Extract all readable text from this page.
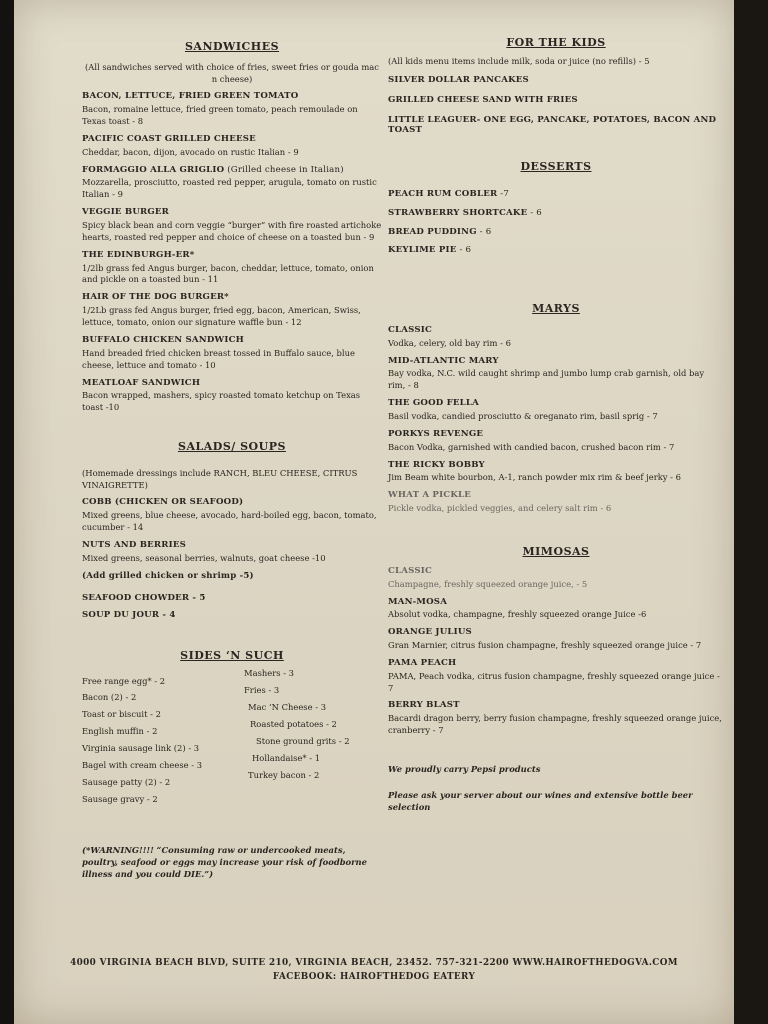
SANDWICHES
(All sandwiches served with choice of fries, sweet fries or gouda mac n cheese)
BACON, LETTUCE, FRIED GREEN TOMATO
Bacon, romaine lettuce, fried green tomato, peach remoulade on Texas toast - 8
PACIFIC COAST GRILLED CHEESE
Cheddar, bacon, dijon, avocado on rustic Italian - 9
FORMAGGIO ALLA GRIGLIO (Grilled cheese in Italian)
Mozzarella, prosciutto, roasted red pepper, arugula, tomato on rustic Italian - 9
VEGGIE BURGER
Spicy black bean and corn veggie “burger” with fire roasted artichoke hearts, roasted red pepper and choice of cheese on a toasted bun - 9
THE EDINBURGH-ER*
1/2lb grass fed Angus burger, bacon, cheddar, lettuce, tomato, onion and pickle on a toasted bun - 11
HAIR OF THE DOG BURGER*
1/2Lb grass fed Angus burger, fried egg, bacon, American, Swiss, lettuce, tomato, onion our signature waffle bun - 12
BUFFALO CHICKEN SANDWICH
Hand breaded fried chicken breast tossed in Buffalo sauce, blue cheese, lettuce and tomato - 10
MEATLOAF SANDWICH
Bacon wrapped, mashers, spicy roasted tomato ketchup on Texas toast -10
SALADS/ SOUPS
(Homemade dressings include RANCH, BLEU CHEESE, CITRUS VINAIGRETTE)
COBB (CHICKEN OR SEAFOOD)
Mixed greens, blue cheese, avocado, hard-boiled egg, bacon, tomato, cucumber - 14
NUTS AND BERRIES
Mixed greens, seasonal berries, walnuts, goat cheese -10
(Add grilled chicken or shrimp -5)
SEAFOOD CHOWDER - 5
SOUP DU JOUR - 4
SIDES ‘N SUCH
Free range egg* - 2
Bacon (2) - 2
Toast or biscuit - 2
English muffin - 2
Virginia sausage link (2) - 3
Bagel with cream cheese - 3
Sausage patty (2) - 2
Sausage gravy - 2
Mashers - 3
Fries - 3
Mac ‘N Cheese - 3
Roasted potatoes - 2
Stone ground grits - 2
Hollandaise* - 1
Turkey bacon - 2
(*WARNING!!!! “Consuming raw or undercooked meats, poultry, seafood or eggs may increase your risk of foodborne illness and you could DIE.”)
FOR THE KIDS
(All kids menu items include milk, soda or juice (no refills) - 5
SILVER DOLLAR PANCAKES
GRILLED CHEESE SAND WITH FRIES
LITTLE LEAGUER- ONE EGG, PANCAKE, POTATOES, BACON AND TOAST
DESSERTS
PEACH RUM COBLER -7
STRAWBERRY SHORTCAKE - 6
BREAD PUDDING - 6
KEYLIME PIE - 6
MARYS
CLASSIC
Vodka, celery, old bay rim - 6
MID-ATLANTIC MARY
Bay vodka, N.C. wild caught shrimp and jumbo lump crab garnish, old bay rim, - 8
THE GOOD FELLA
Basil vodka, candied prosciutto & oreganato rim, basil sprig - 7
PORKYS REVENGE
Bacon Vodka, garnished with candied bacon, crushed bacon rim - 7
THE RICKY BOBBY
Jim Beam white bourbon, A-1, ranch powder mix rim & beef jerky - 6
WHAT A PICKLE
Pickle vodka, pickled veggies, and celery salt rim - 6
MIMOSAS
CLASSIC
Champagne, freshly squeezed orange juice, - 5
MAN-MOSA
Absolut vodka, champagne, freshly squeezed orange Juice -6
ORANGE JULIUS
Gran Marnier, citrus fusion champagne, freshly squeezed orange juice - 7
PAMA PEACH
PAMA, Peach vodka, citrus fusion champagne, freshly squeezed orange juice - 7
BERRY BLAST
Bacardi dragon berry, berry fusion champagne, freshly squeezed orange juice, cranberry - 7
We proudly carry Pepsi products
Please ask your server about our wines and extensive bottle beer selection
4000 VIRGINIA BEACH BLVD, SUITE 210, VIRGINIA BEACH, 23452. 757-321-2200 WWW.HAIROFTHEDOGVA.COM
FACEBOOK: HAIROFTHEDOG EATERY
